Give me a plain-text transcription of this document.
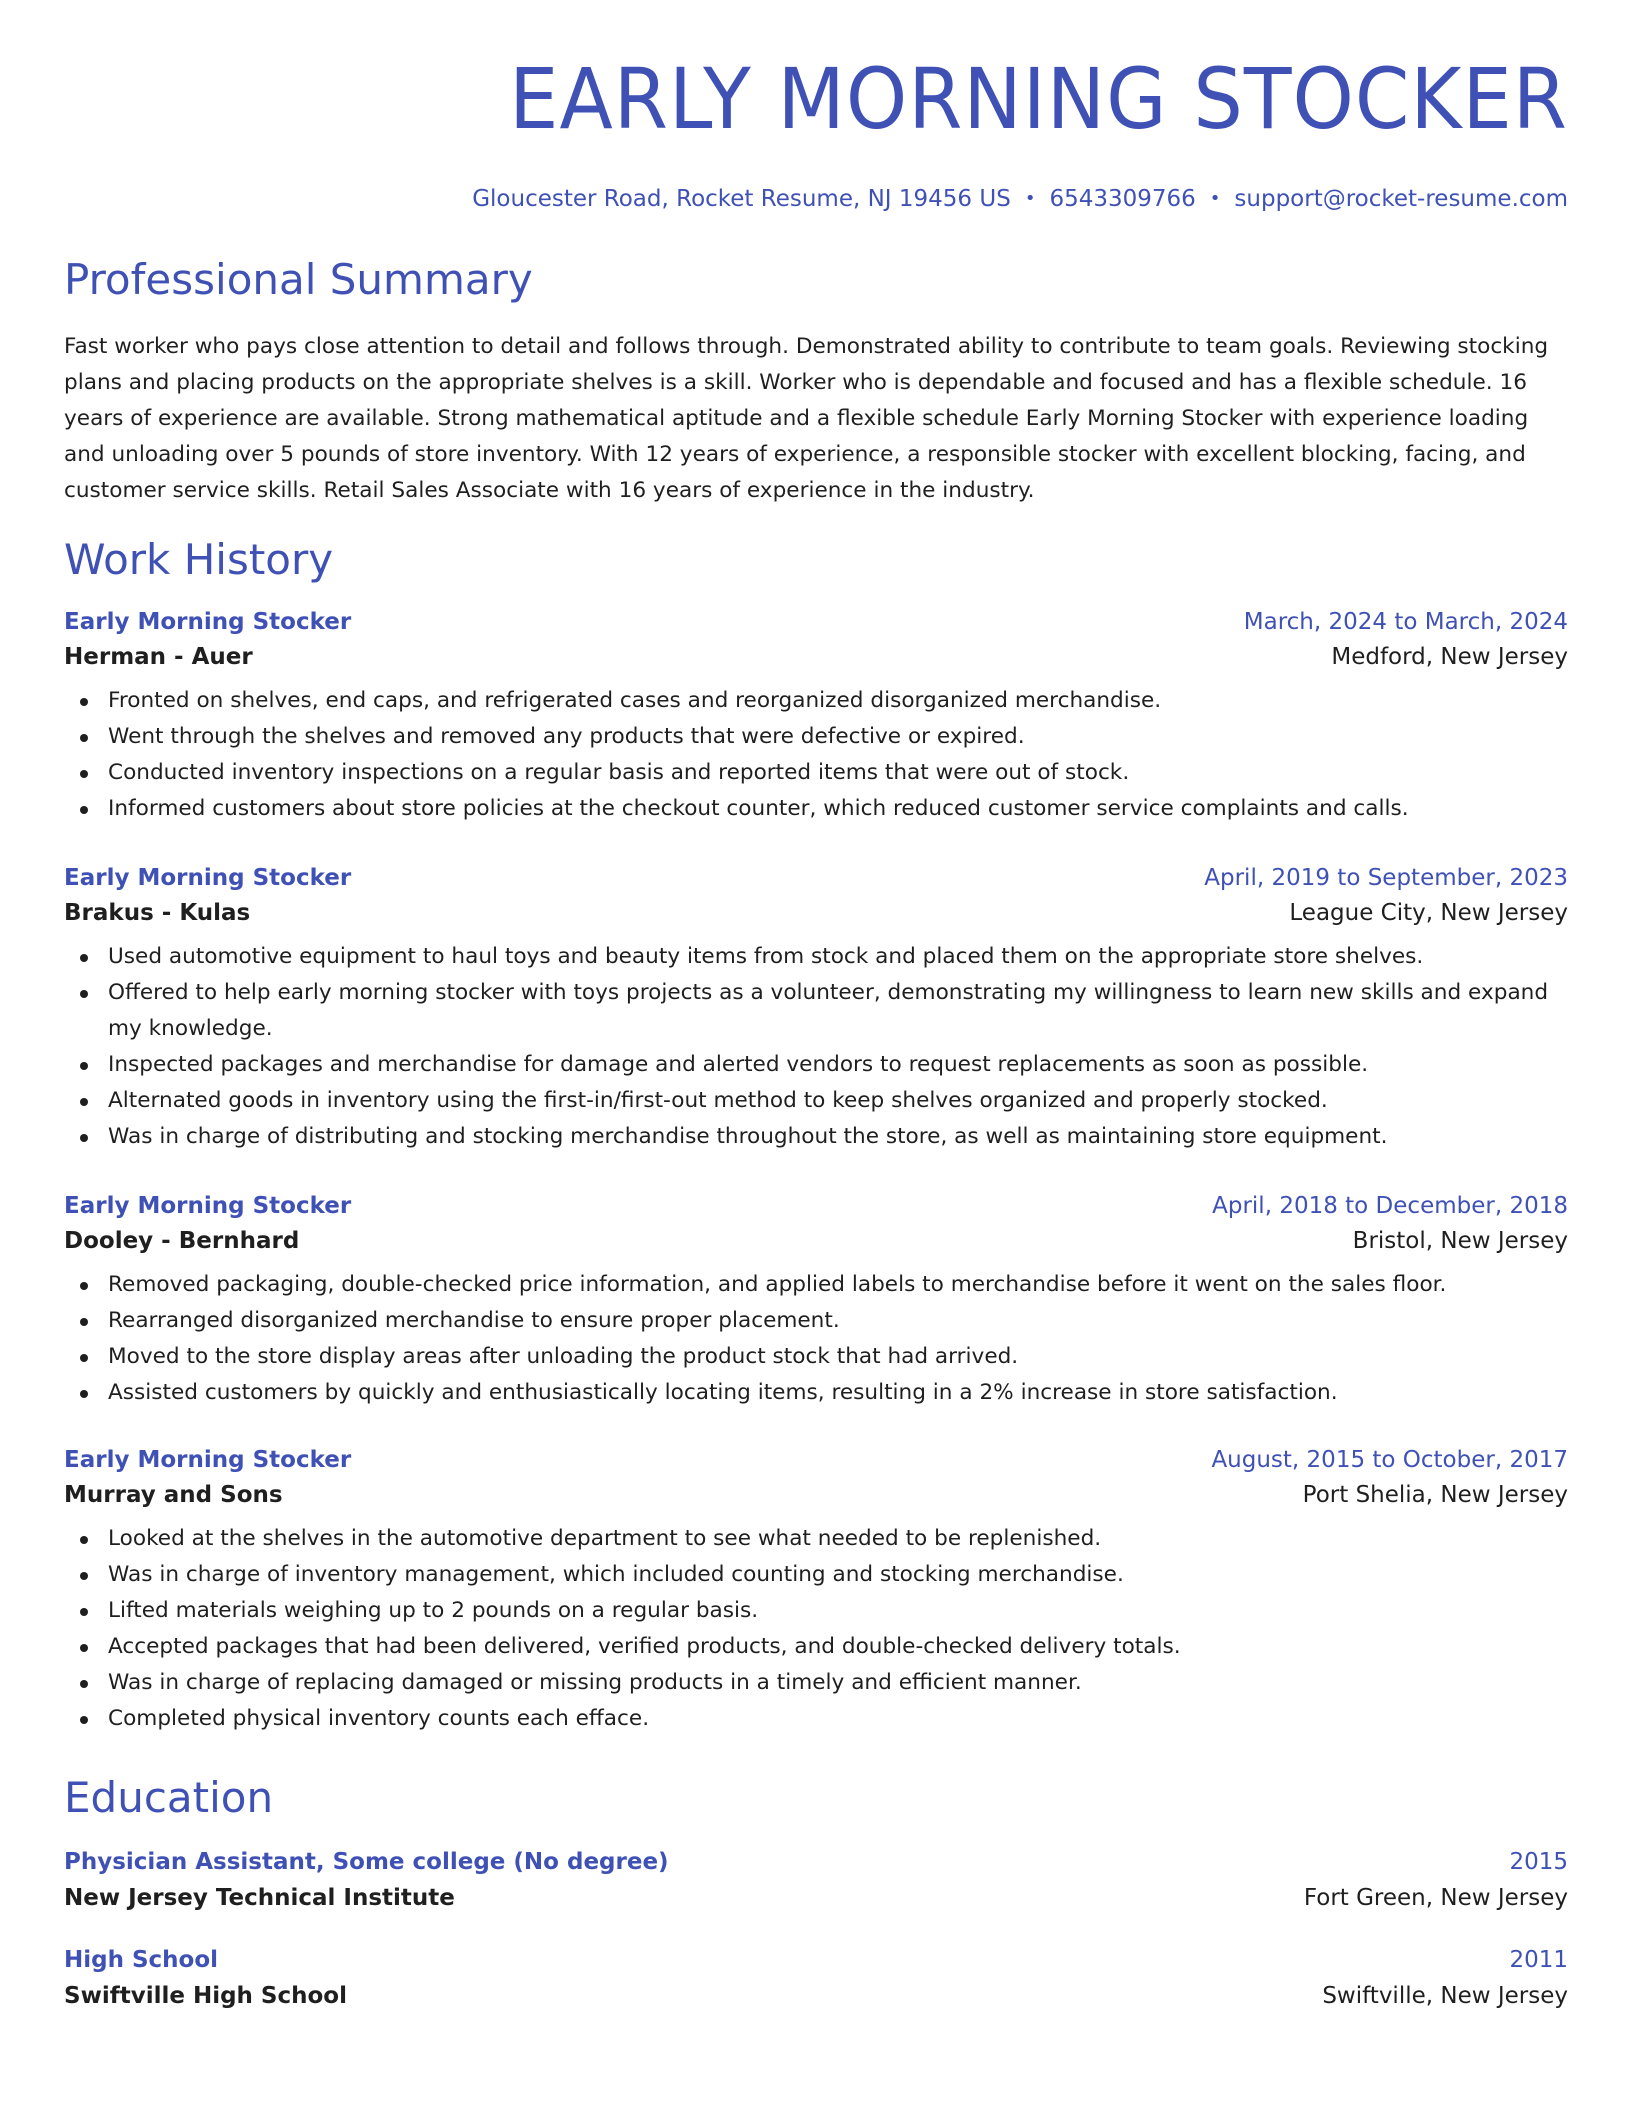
EARLY MORNING STOCKER
Gloucester Road, Rocket Resume, NJ 19456 US • 6543309766 • support@rocket-resume.com
Professional Summary

Fast worker who pays close attention to detail and follows through. Demonstrated ability to contribute to team goals. Reviewing stocking plans and placing products on the appropriate shelves is a skill. Worker who is dependable and focused and has a flexible schedule. 16 years of experience are available. Strong mathematical aptitude and a flexible schedule Early Morning Stocker with experience loading and unloading over 5 pounds of store inventory. With 12 years of experience, a responsible stocker with excellent blocking, facing, and customer service skills. Retail Sales Associate with 16 years of experience in the industry.

Work History
Early Morning Stocker	March, 2024 to March, 2024
Herman - Auer	Medford, New Jersey
Fronted on shelves, end caps, and refrigerated cases and reorganized disorganized merchandise.
Went through the shelves and removed any products that were defective or expired.
Conducted inventory inspections on a regular basis and reported items that were out of stock.
Informed customers about store policies at the checkout counter, which reduced customer service complaints and calls.
Early Morning Stocker	April, 2019 to September, 2023
Brakus - Kulas	League City, New Jersey
Used automotive equipment to haul toys and beauty items from stock and placed them on the appropriate store shelves.
Offered to help early morning stocker with toys projects as a volunteer, demonstrating my willingness to learn new skills and expand my knowledge.
Inspected packages and merchandise for damage and alerted vendors to request replacements as soon as possible.
Alternated goods in inventory using the first-in/first-out method to keep shelves organized and properly stocked.
Was in charge of distributing and stocking merchandise throughout the store, as well as maintaining store equipment.
Early Morning Stocker	April, 2018 to December, 2018
Dooley - Bernhard	Bristol, New Jersey
Removed packaging, double-checked price information, and applied labels to merchandise before it went on the sales floor.
Rearranged disorganized merchandise to ensure proper placement.
Moved to the store display areas after unloading the product stock that had arrived.
Assisted customers by quickly and enthusiastically locating items, resulting in a 2% increase in store satisfaction.
Early Morning Stocker	August, 2015 to October, 2017
Murray and Sons	Port Shelia, New Jersey
Looked at the shelves in the automotive department to see what needed to be replenished.
Was in charge of inventory management, which included counting and stocking merchandise.
Lifted materials weighing up to 2 pounds on a regular basis.
Accepted packages that had been delivered, verified products, and double-checked delivery totals.
Was in charge of replacing damaged or missing products in a timely and efficient manner.
Completed physical inventory counts each efface.
Education
Physician Assistant, Some college (No degree)	2015
New Jersey Technical Institute	Fort Green, New Jersey
High School	2011
Swiftville High School	Swiftville, New Jersey
